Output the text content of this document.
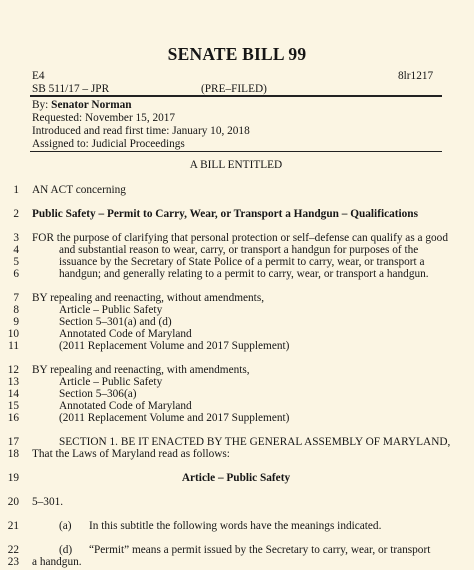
SENATE BILL 99
E4	8lr1217
SB 511/17 – JPR	(PRE–FILED)
By: Senator Norman
Requested: November 15, 2017
Introduced and read first time: January 10, 2018
Assigned to: Judicial Proceedings
A BILL ENTITLED
1 AN ACT concerning
2 Public Safety – Permit to Carry, Wear, or Transport a Handgun – Qualifications
3 FOR the purpose of clarifying that personal protection or self–defense can qualify as a good
4	and substantial reason to wear, carry, or transport a handgun for purposes of the
5	issuance by the Secretary of State Police of a permit to carry, wear, or transport a
6	handgun; and generally relating to a permit to carry, wear, or transport a handgun.
7 BY repealing and reenacting, without amendments,
8	Article – Public Safety
9	Section 5–301(a) and (d)
10	Annotated Code of Maryland
11	(2011 Replacement Volume and 2017 Supplement)
12 BY repealing and reenacting, with amendments,
13	Article – Public Safety
14	Section 5–306(a)
15	Annotated Code of Maryland
16	(2011 Replacement Volume and 2017 Supplement)
17	SECTION 1. BE IT ENACTED BY THE GENERAL ASSEMBLY OF MARYLAND,
18 That the Laws of Maryland read as follows:
19	Article – Public Safety
20 5–301.
21	(a) In this subtitle the following words have the meanings indicated.
22	(d) “Permit” means a permit issued by the Secretary to carry, wear, or transport
23 a handgun.
